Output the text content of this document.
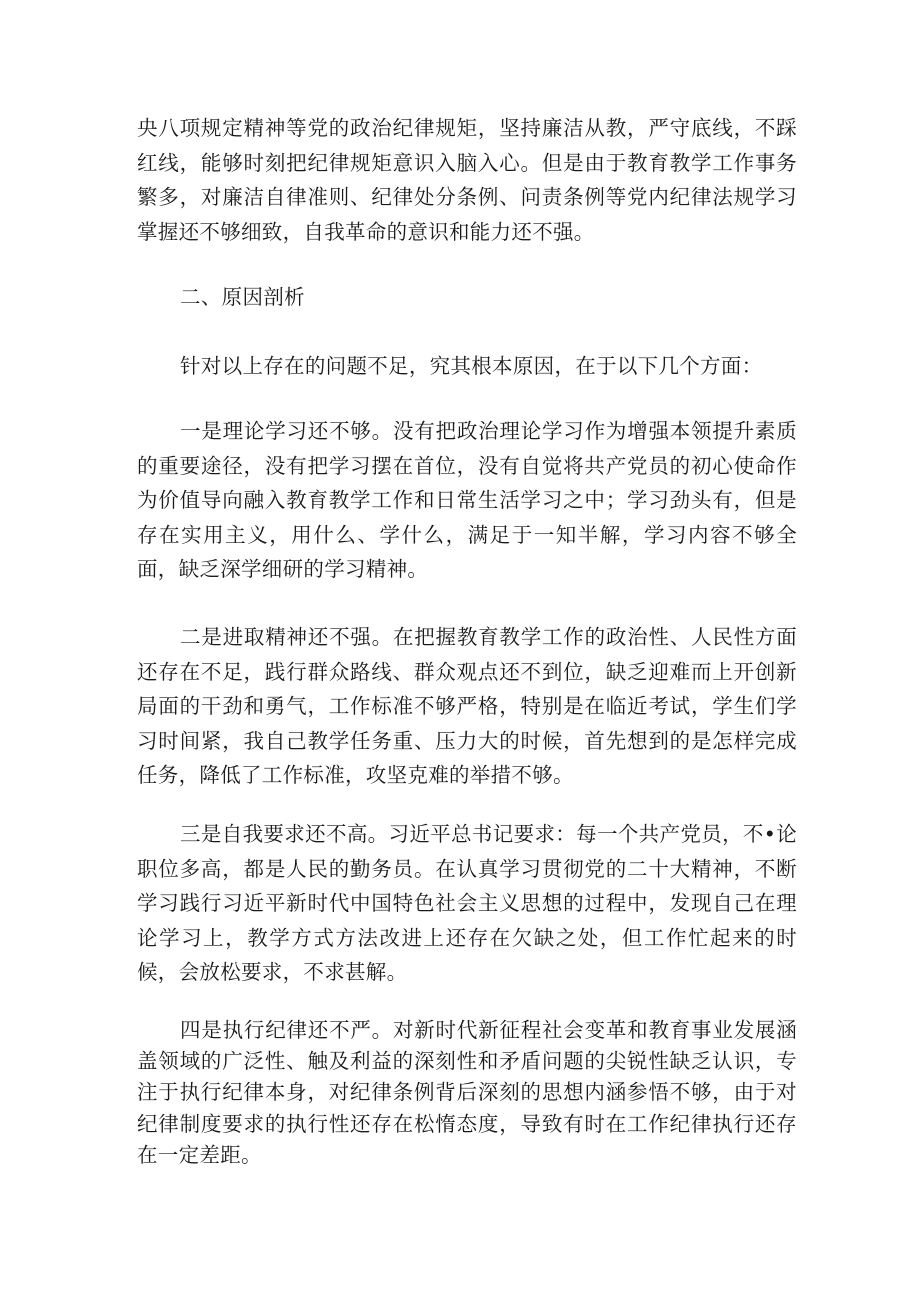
央八项规定精神等党的政治纪律规矩，坚持廉洁从教，严守底线，不踩红线，能够时刻把纪律规矩意识入脑入心。但是由于教育教学工作事务繁多，对廉洁自律准则、纪律处分条例、问责条例等党内纪律法规学习掌握还不够细致，自我革命的意识和能力还不强。

二、原因剖析

针对以上存在的问题不足，究其根本原因，在于以下几个方面：

一是理论学习还不够。没有把政治理论学习作为增强本领提升素质的重要途径，没有把学习摆在首位，没有自觉将共产党员的初心使命作为价值导向融入教育教学工作和日常生活学习之中；学习劲头有，但是存在实用主义，用什么、学什么，满足于一知半解，学习内容不够全面，缺乏深学细研的学习精神。

二是进取精神还不强。在把握教育教学工作的政治性、人民性方面还存在不足，践行群众路线、群众观点还不到位，缺乏迎难而上开创新局面的干劲和勇气，工作标准不够严格，特别是在临近考试，学生们学习时间紧，我自己教学任务重、压力大的时候，首先想到的是怎样完成任务，降低了工作标准，攻坚克难的举措不够。

三是自我要求还不高。习近平总书记要求：每一个共产党员，不•论职位多高，都是人民的勤务员。在认真学习贯彻党的二十大精神，不断学习践行习近平新时代中国特色社会主义思想的过程中，发现自己在理论学习上，教学方式方法改进上还存在欠缺之处，但工作忙起来的时候，会放松要求，不求甚解。

四是执行纪律还不严。对新时代新征程社会变革和教育事业发展涵盖领域的广泛性、触及利益的深刻性和矛盾问题的尖锐性缺乏认识，专注于执行纪律本身，对纪律条例背后深刻的思想内涵参悟不够，由于对纪律制度要求的执行性还存在松惰态度，导致有时在工作纪律执行还存在一定差距。
